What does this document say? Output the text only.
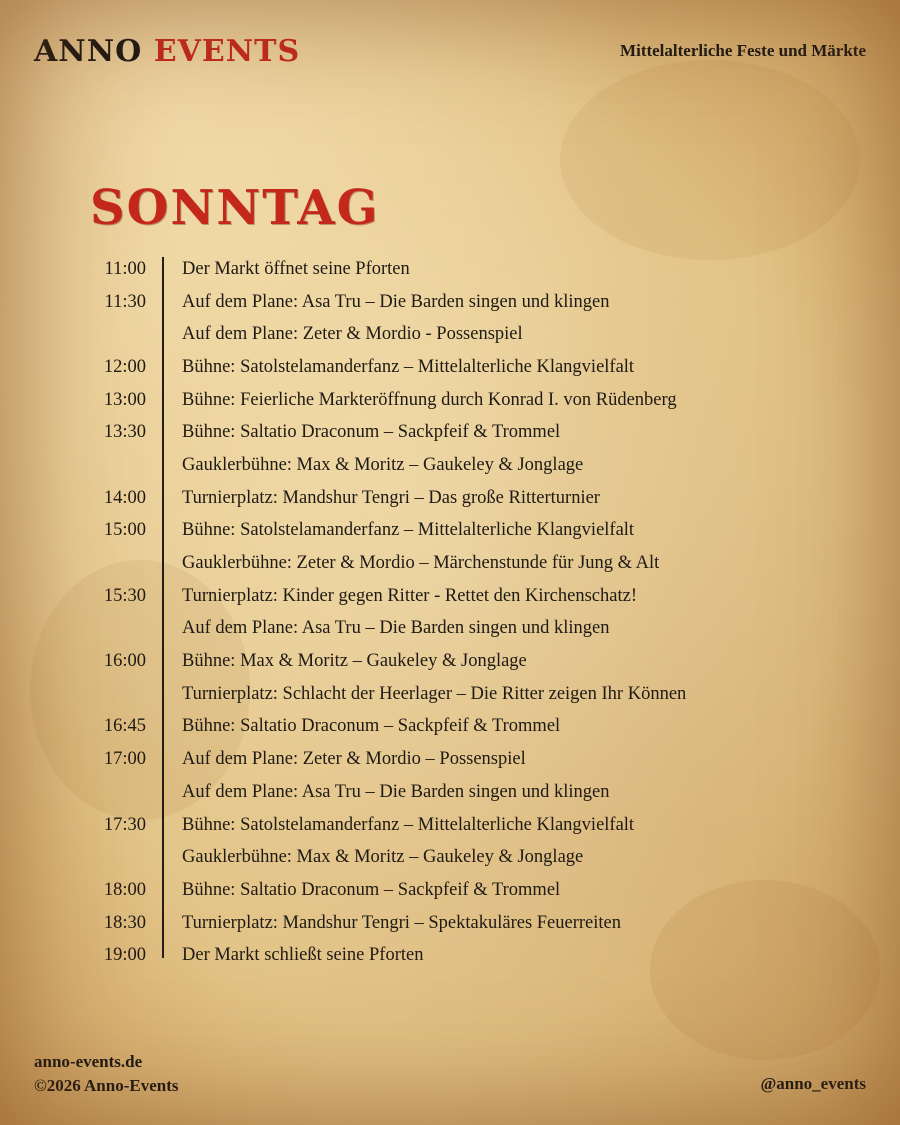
ANNO EVENTS	Mittelalterliche Feste und Märkte
SONNTAG
11:00	Der Markt öffnet seine Pforten
11:30	Auf dem Plane: Asa Tru – Die Barden singen und klingen
Auf dem Plane: Zeter & Mordio - Possenspiel
12:00	Bühne: Satolstelamanderfanz – Mittelalterliche Klangvielfalt
13:00	Bühne: Feierliche Markteröffnung durch Konrad I. von Rüdenberg
13:30	Bühne: Saltatio Draconum – Sackpfeif & Trommel
Gauklerbühne: Max & Moritz – Gaukeley & Jonglage
14:00	Turnierplatz: Mandshur Tengri – Das große Ritterturnier
15:00	Bühne: Satolstelamanderfanz – Mittelalterliche Klangvielfalt
Gauklerbühne: Zeter & Mordio – Märchenstunde für Jung & Alt
15:30	Turnierplatz: Kinder gegen Ritter - Rettet den Kirchenschatz!
Auf dem Plane: Asa Tru – Die Barden singen und klingen
16:00	Bühne: Max & Moritz – Gaukeley & Jonglage
Turnierplatz: Schlacht der Heerlager – Die Ritter zeigen Ihr Können
16:45	Bühne: Saltatio Draconum – Sackpfeif & Trommel
17:00	Auf dem Plane: Zeter & Mordio – Possenspiel
Auf dem Plane: Asa Tru – Die Barden singen und klingen
17:30	Bühne: Satolstelamanderfanz – Mittelalterliche Klangvielfalt
Gauklerbühne: Max & Moritz – Gaukeley & Jonglage
18:00	Bühne: Saltatio Draconum – Sackpfeif & Trommel
18:30	Turnierplatz: Mandshur Tengri – Spektakuläres Feuerreiten
19:00	Der Markt schließt seine Pforten
anno-events.de
©2026 Anno-Events	@anno_events
